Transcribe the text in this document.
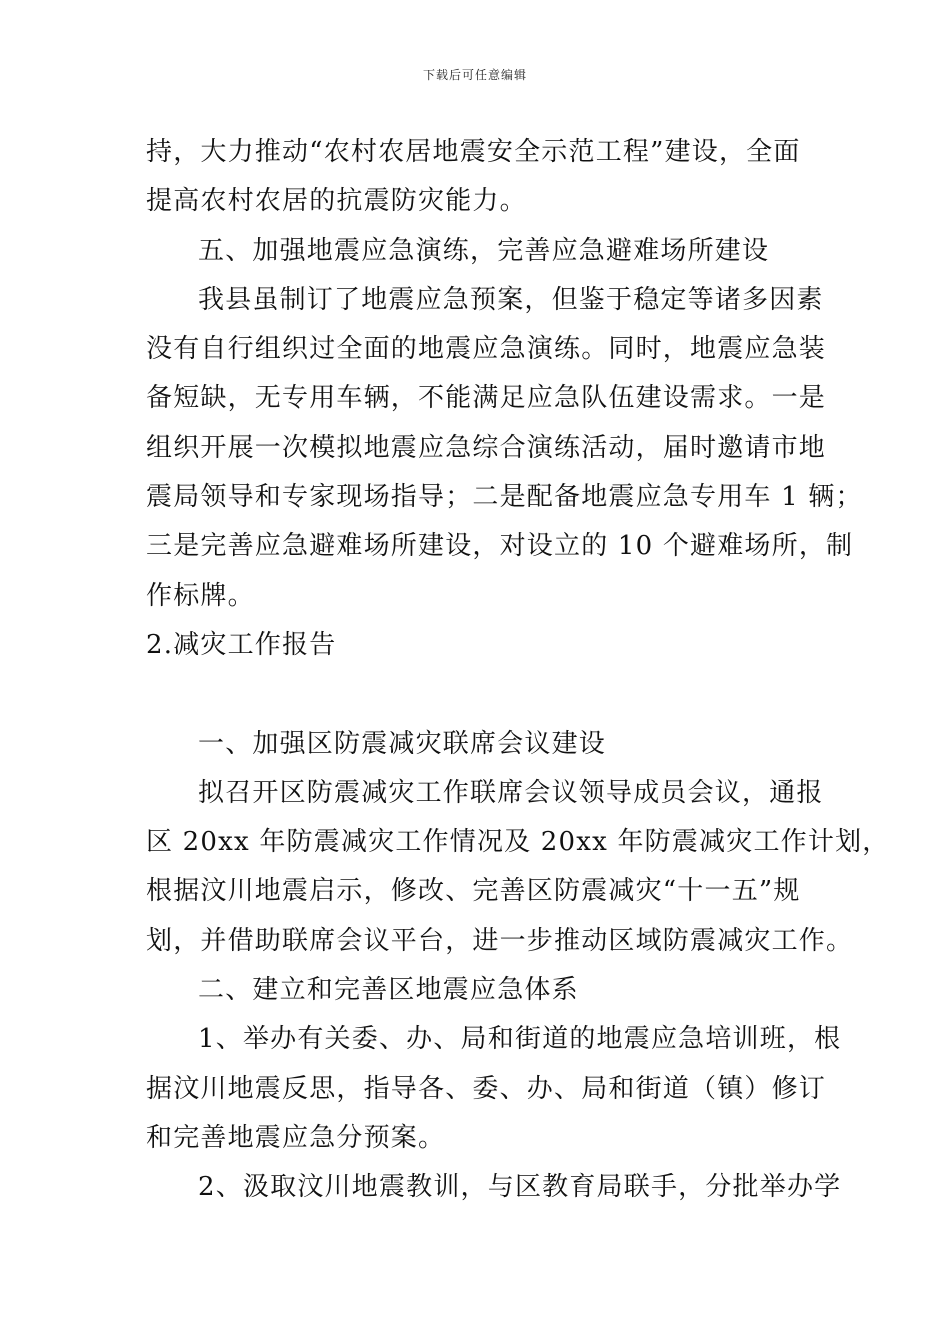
下载后可任意编辑
持，大力推动“农村农居地震安全示范工程”建设，全面
提高农村农居的抗震防灾能力。
五、加强地震应急演练，完善应急避难场所建设
我县虽制订了地震应急预案，但鉴于稳定等诸多因素
没有自行组织过全面的地震应急演练。同时，地震应急装
备短缺，无专用车辆，不能满足应急队伍建设需求。一是
组织开展一次模拟地震应急综合演练活动，届时邀请市地
震局领导和专家现场指导；二是配备地震应急专用车 1 辆；
三是完善应急避难场所建设，对设立的 10 个避难场所，制
作标牌。
2.减灾工作报告
一、加强区防震减灾联席会议建设
拟召开区防震减灾工作联席会议领导成员会议，通报
区 20xx 年防震减灾工作情况及 20xx 年防震减灾工作计划，
根据汶川地震启示，修改、完善区防震减灾“十一五”规
划，并借助联席会议平台，进一步推动区域防震减灾工作。
二、建立和完善区地震应急体系
1、举办有关委、办、局和街道的地震应急培训班，根
据汶川地震反思，指导各、委、办、局和街道（镇）修订
和完善地震应急分预案。
2、汲取汶川地震教训，与区教育局联手，分批举办学
